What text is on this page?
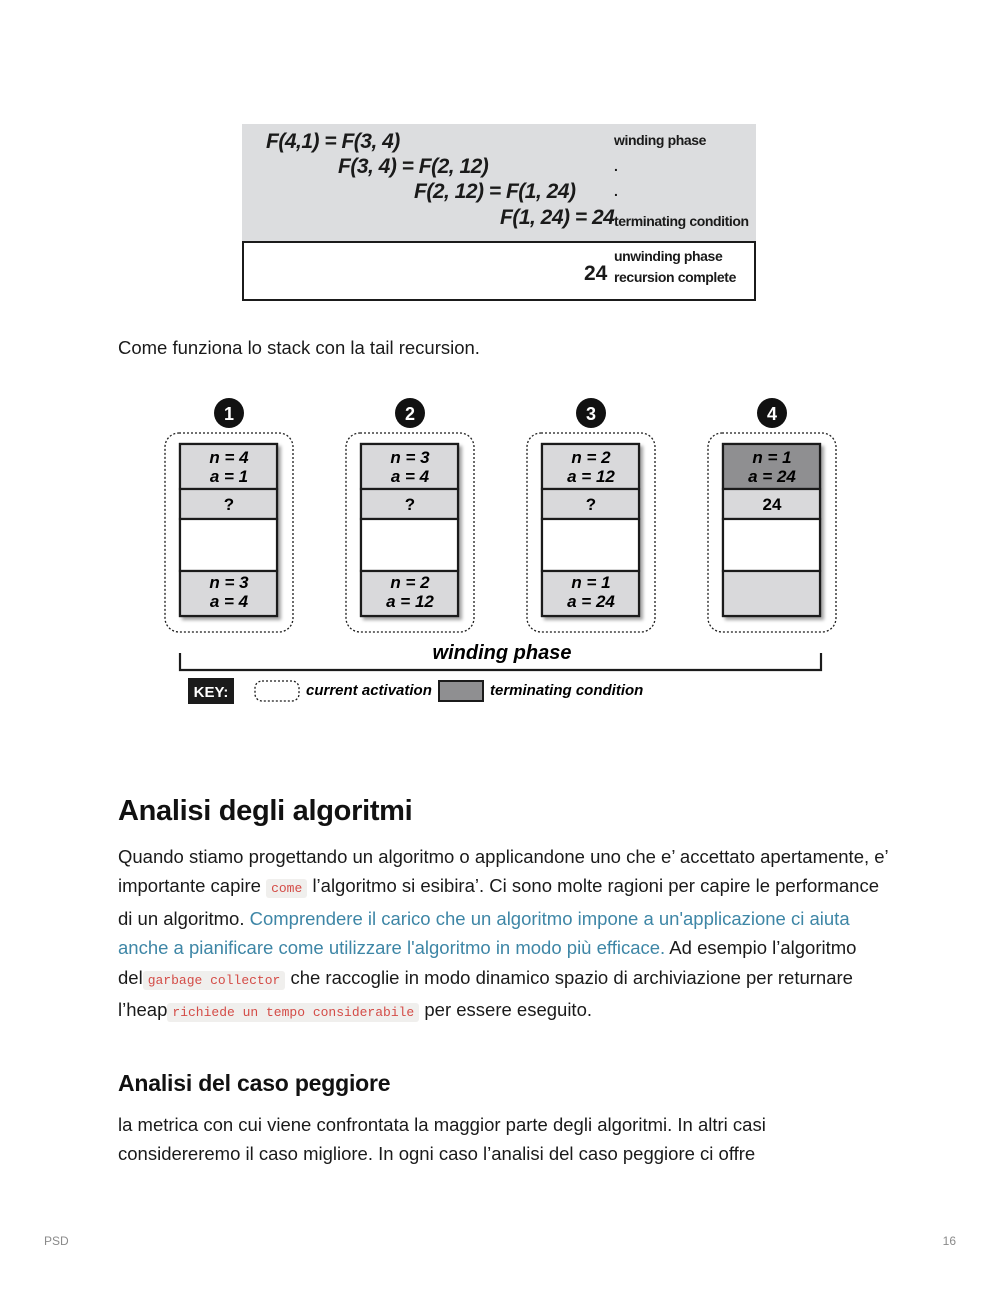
F(4,1) = F(3, 4)
F(3, 4) = F(2, 12)
F(2, 12) = F(1, 24)
F(1, 24) = 24
winding phase
.
.
terminating condition
24
unwinding phase
recursion complete
Come funziona lo stack con la tail recursion.
1
n = 4
a = 1
?
n = 3
a = 4
2
n = 3
a = 4
?
n = 2
a = 12
3
n = 2
a = 12
?
n = 1
a = 24
4
n = 1
a = 24
24
winding phase
KEY:	current activation	terminating condition
Analisi degli algoritmi
Quando stiamo progettando un algoritmo o applicandone uno che e’ accettato apertamente, e’ importante capire come l’algoritmo si esibira’. Ci sono molte ragioni per capire le performance di un algoritmo. Comprendere il carico che un algoritmo impone a un'applicazione ci aiuta anche a pianificare come utilizzare l'algoritmo in modo più efficace. Ad esempio l’algoritmo del garbage collector che raccoglie in modo dinamico spazio di archiviazione per returnare l’heap richiede un tempo considerabile per essere eseguito.
Analisi del caso peggiore
la metrica con cui viene confrontata la maggior parte degli algoritmi. In altri casi considereremo il caso migliore. In ogni caso l’analisi del caso peggiore ci offre
PSD	16
